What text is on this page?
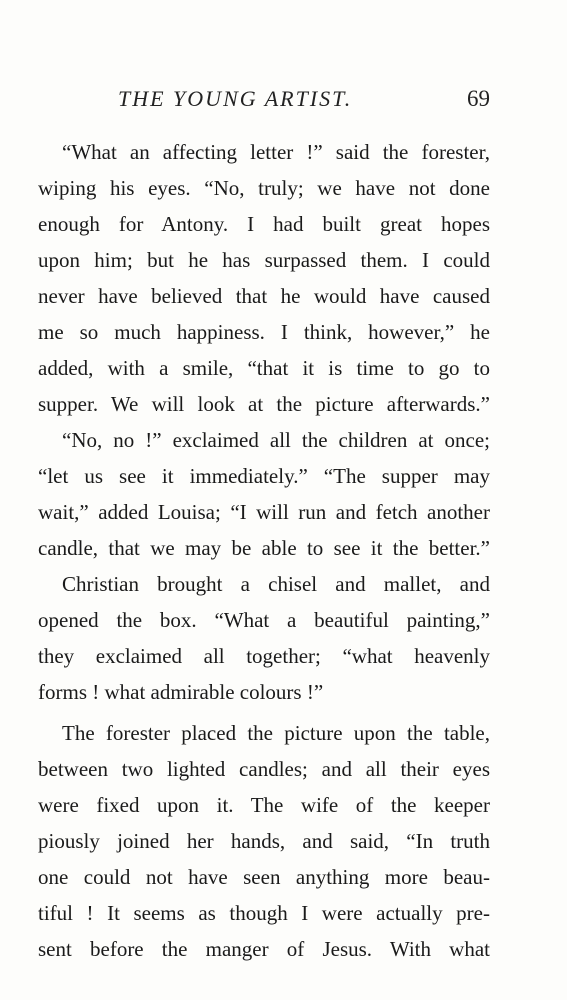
THE YOUNG ARTIST.	69
“What an affecting letter !” said the forester,
wiping his eyes. “No, truly; we have not done
enough for Antony. I had built great hopes
upon him; but he has surpassed them. I could
never have believed that he would have caused
me so much happiness. I think, however,” he
added, with a smile, “that it is time to go to
supper. We will look at the picture afterwards.”
“No, no !” exclaimed all the children at once;
“let us see it immediately.” “The supper may
wait,” added Louisa; “I will run and fetch another
candle, that we may be able to see it the better.”
Christian brought a chisel and mallet, and
opened the box. “What a beautiful painting,”
they exclaimed all together; “what heavenly
forms ! what admirable colours !”
The forester placed the picture upon the table,
between two lighted candles; and all their eyes
were fixed upon it. The wife of the keeper
piously joined her hands, and said, “In truth
one could not have seen anything more beau-
tiful ! It seems as though I were actually pre-
sent before the manger of Jesus. With what
